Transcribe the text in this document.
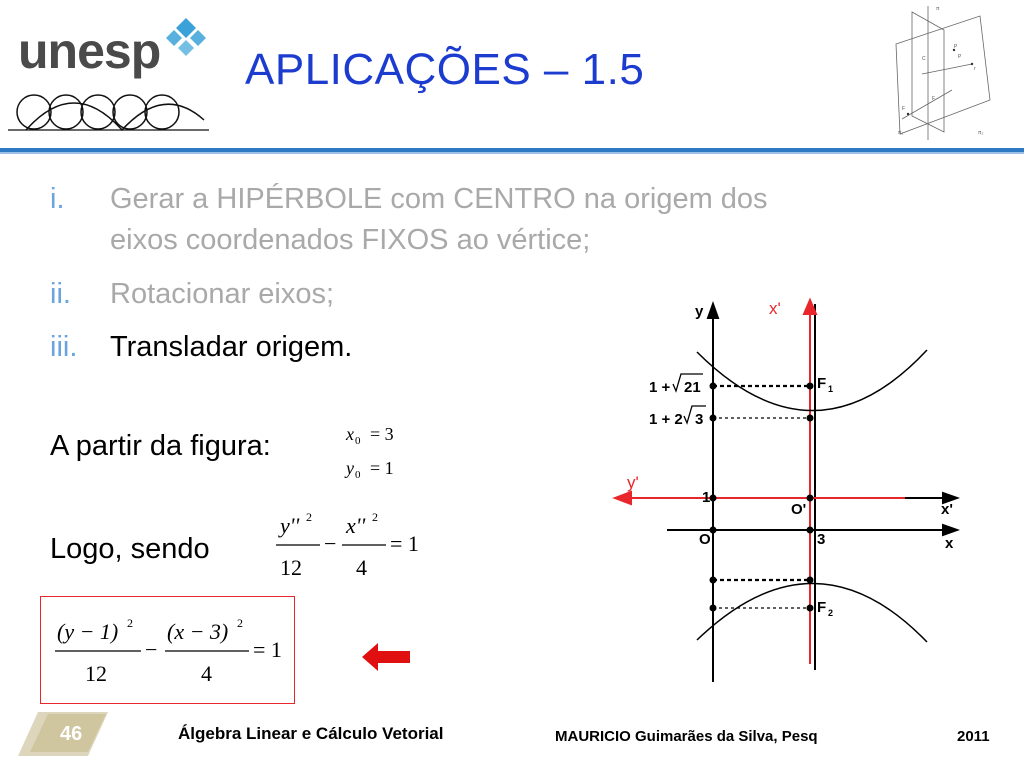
unesp APLICAÇÕES – 1.5
π
P
P
r
F
F
C
π₁	π₂
i. Gerar a HIPÉRBOLE com CENTRO na origem dos
eixos coordenados FIXOS ao vértice;
ii. Rotacionar eixos;
iii. Transladar origem.
A partir da figura:
Logo, sendo
x 0 = 3
y 0 = 1
y'' 2
12
−
x'' 2
4
= 1
(y − 1) 2
12
−
(x − 3) 2
4
= 1
y
x
x'
O
O'
1
3
F 1
F 2
1 + 21
1 + 2 3
x'
y'
46	Álgebra Linear e Cálculo Vetorial	MAURICIO Guimarães da Silva, Pesq	2011
